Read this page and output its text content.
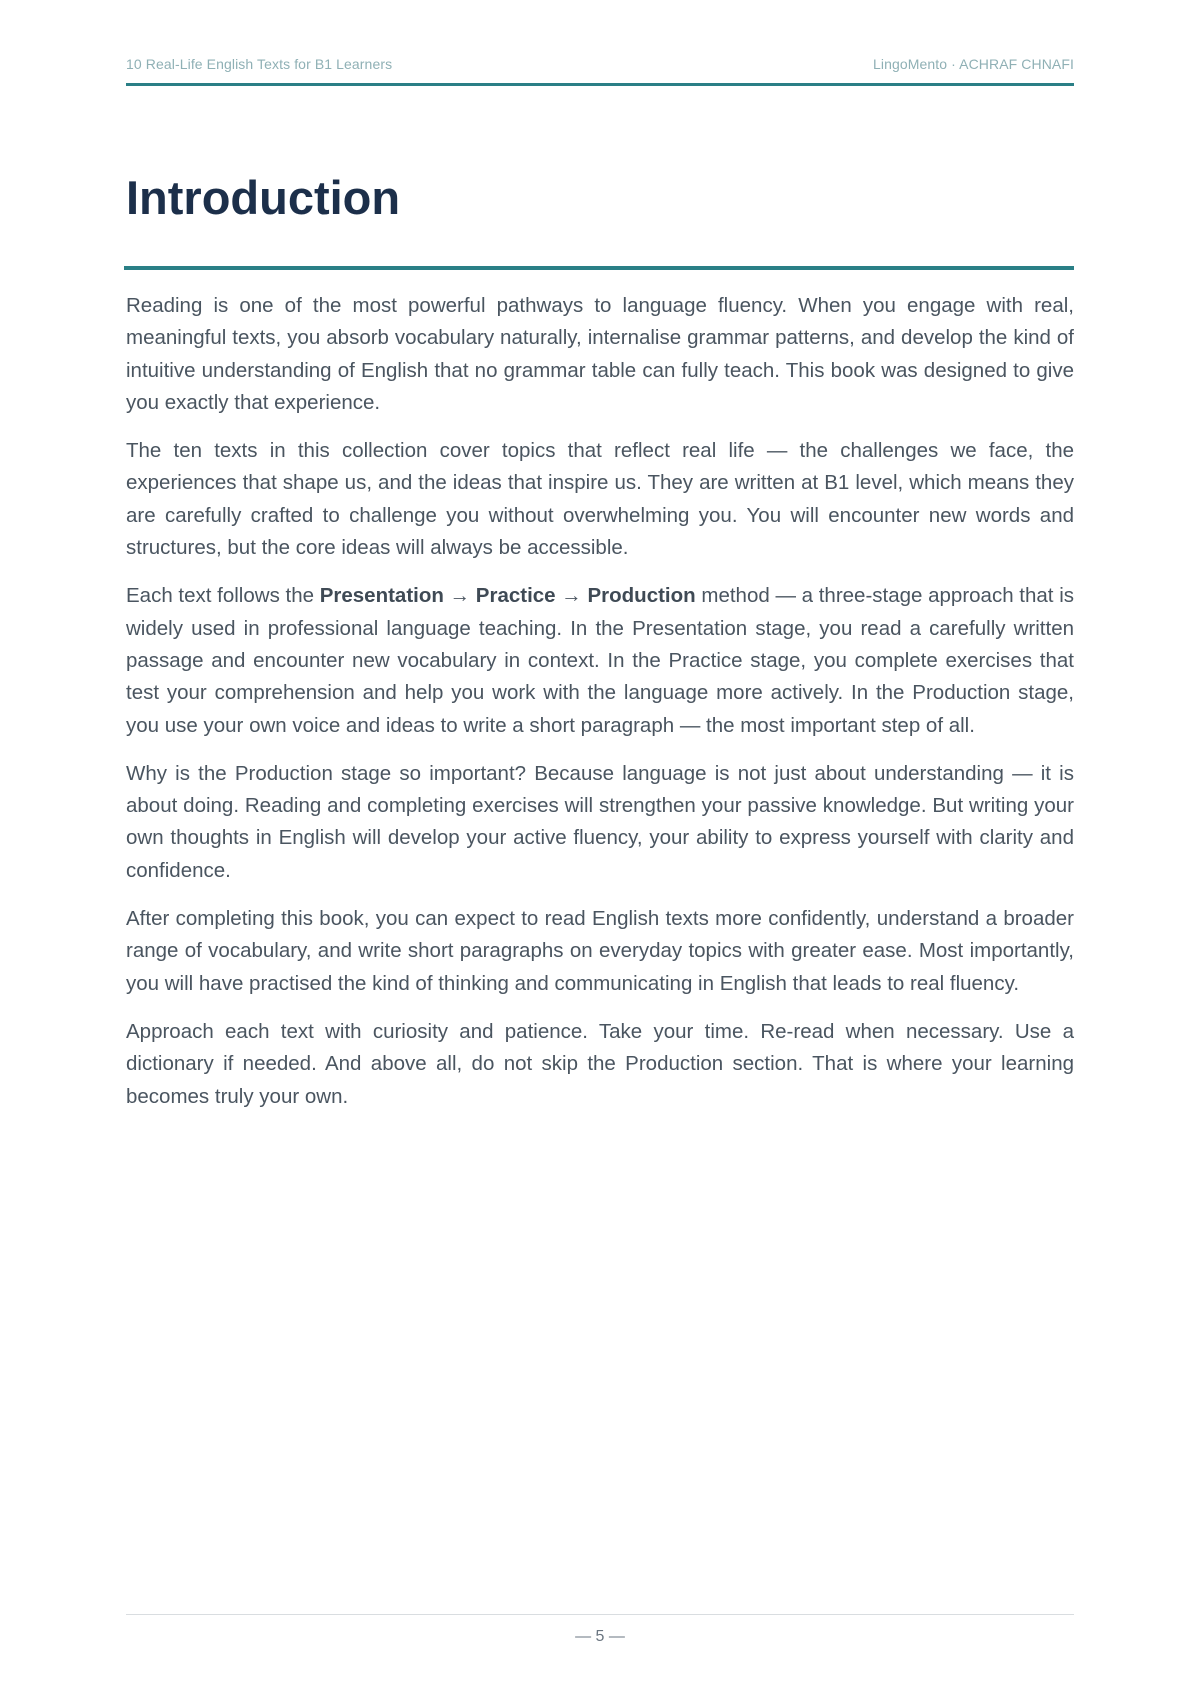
10 Real-Life English Texts for B1 Learners	LingoMento · ACHRAF CHNAFI
Introduction

Reading is one of the most powerful pathways to language fluency. When you engage with real, meaningful texts, you absorb vocabulary naturally, internalise grammar patterns, and develop the kind of intuitive understanding of English that no grammar table can fully teach. This book was designed to give you exactly that experience.

The ten texts in this collection cover topics that reflect real life — the challenges we face, the experiences that shape us, and the ideas that inspire us. They are written at B1 level, which means they are carefully crafted to challenge you without overwhelming you. You will encounter new words and structures, but the core ideas will always be accessible.

Each text follows the Presentation → Practice → Production method — a three-stage approach that is widely used in professional language teaching. In the Presentation stage, you read a carefully written passage and encounter new vocabulary in context. In the Practice stage, you complete exercises that test your comprehension and help you work with the language more actively. In the Production stage, you use your own voice and ideas to write a short paragraph — the most important step of all.

Why is the Production stage so important? Because language is not just about understanding — it is about doing. Reading and completing exercises will strengthen your passive knowledge. But writing your own thoughts in English will develop your active fluency, your ability to express yourself with clarity and confidence.

After completing this book, you can expect to read English texts more confidently, understand a broader range of vocabulary, and write short paragraphs on everyday topics with greater ease. Most importantly, you will have practised the kind of thinking and communicating in English that leads to real fluency.

Approach each text with curiosity and patience. Take your time. Re-read when necessary. Use a dictionary if needed. And above all, do not skip the Production section. That is where your learning becomes truly your own.

— 5 —
